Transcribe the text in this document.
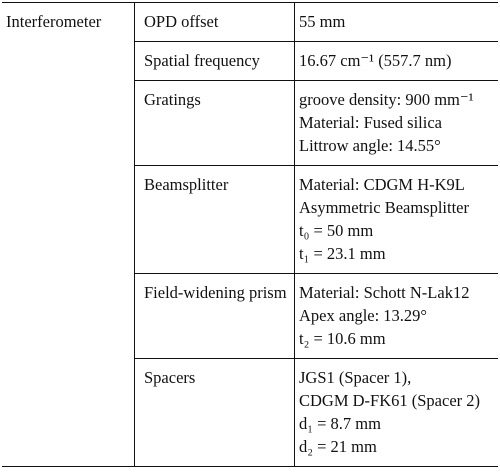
Interferometer	OPD offset	55 mm

	Spatial frequency	16.67 cm⁻¹ (557.7 nm)

	Gratings	groove density: 900 mm⁻¹
Material: Fused silica
Littrow angle: 14.55°

	Beamsplitter	Material: CDGM H-K9L
Asymmetric Beamsplitter
t₀ = 50 mm
t₁ = 23.1 mm

	Field-widening prism	Material: Schott N-Lak12
Apex angle: 13.29°
t₂ = 10.6 mm

	Spacers	JGS1 (Spacer 1),
CDGM D-FK61 (Spacer 2)
d₁ = 8.7 mm
d₂ = 21 mm
